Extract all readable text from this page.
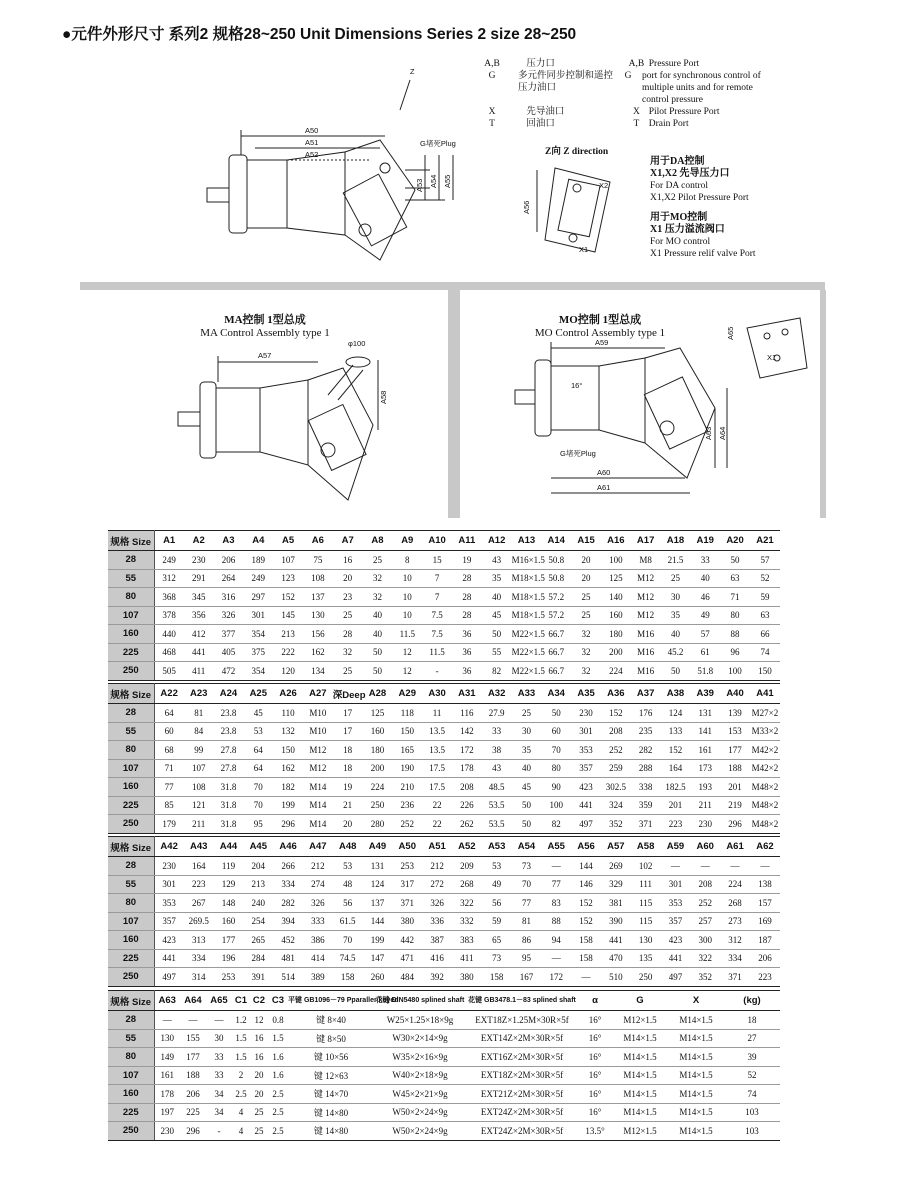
●元件外形尺寸 系列2 规格28~250 Unit Dimensions Series 2 size 28~250
A,B	压力口	A,B Pressure Port
G	多元件同步控制和遥控压力油口
G	port for synchronous control of multiple units and for remote control pressure
X	先导油口	X Pilot Pressure Port
T	回油口	T Drain Port
Z向 Z direction
用于DA控制
X1,X2 先导压力口
For DA control
X1,X2 Pilot Pressure Port
用于MO控制
X1 压力溢流阀口
For MO control
X1 Pressure relif valve Port
A50
A51
A52
A53 A54 A55
Z
G堵死Plug
A56
X2
X1
MA控制 1型总成
MA Control Assembly type 1
MO控制 1型总成
MO Control Assembly type 1
A57
A58
φ100	A59
A60
A61
A63 A64
A65
G堵死Plug
X1
16°
规格 Size	A1	A2	A3	A4	A5	A6	A7	A8	A9	A10	A11	A12	A13	A14	A15	A16	A17	A18	A19	A20	A21
28	249	230	206	189	107	75	16	25	8	15	19	43	M16×1.5	50.8	20	100	M8	21.5	33	50	57
55	312	291	264	249	123	108	20	32	10	7	28	35	M18×1.5	50.8	20	125	M12	25	40	63	52
80	368	345	316	297	152	137	23	32	10	7	28	40	M18×1.5	57.2	25	140	M12	30	46	71	59
107	378	356	326	301	145	130	25	40	10	7.5	28	45	M18×1.5	57.2	25	160	M12	35	49	80	63
160	440	412	377	354	213	156	28	40	11.5	7.5	36	50	M22×1.5	66.7	32	180	M16	40	57	88	66
225	468	441	405	375	222	162	32	50	12	11.5	36	55	M22×1.5	66.7	32	200	M16	45.2	61	96	74
250	505	411	472	354	120	134	25	50	12	-	36	82	M22×1.5	66.7	32	224	M16	50	51.8	100	150
规格 Size	A22	A23	A24	A25	A26	A27	深Deep	A28	A29	A30	A31	A32	A33	A34	A35	A36	A37	A38	A39	A40	A41
28	64	81	23.8	45	110	M10	17	125	118	11	116	27.9	25	50	230	152	176	124	131	139	M27×2
55	60	84	23.8	53	132	M10	17	160	150	13.5	142	33	30	60	301	208	235	133	141	153	M33×2
80	68	99	27.8	64	150	M12	18	180	165	13.5	172	38	35	70	353	252	282	152	161	177	M42×2
107	71	107	27.8	64	162	M12	18	200	190	17.5	178	43	40	80	357	259	288	164	173	188	M42×2
160	77	108	31.8	70	182	M14	19	224	210	17.5	208	48.5	45	90	423	302.5	338	182.5	193	201	M48×2
225	85	121	31.8	70	199	M14	21	250	236	22	226	53.5	50	100	441	324	359	201	211	219	M48×2
250	179	211	31.8	95	296	M14	20	280	252	22	262	53.5	50	82	497	352	371	223	230	296	M48×2
规格 Size	A42	A43	A44	A45	A46	A47	A48	A49	A50	A51	A52	A53	A54	A55	A56	A57	A58	A59	A60	A61	A62
28	230	164	119	204	266	212	53	131	253	212	209	53	73	—	144	269	102	—	—	—	—
55	301	223	129	213	334	274	48	124	317	272	268	49	70	77	146	329	111	301	208	224	138
80	353	267	148	240	282	326	56	137	371	326	322	56	77	83	152	381	115	353	252	268	157
107	357	269.5	160	254	394	333	61.5	144	380	336	332	59	81	88	152	390	115	357	257	273	169
160	423	313	177	265	452	386	70	199	442	387	383	65	86	94	158	441	130	423	300	312	187
225	441	334	196	284	481	414	74.5	147	471	416	411	73	95	—	158	470	135	441	322	334	206
250	497	314	253	391	514	389	158	260	484	392	380	158	167	172	—	510	250	497	352	371	223
规格 Size	A63	A64	A65	C1	C2	C3	平键 GB1096－79 Pparaller keyed	花键 DIN5480 splined shaft	花键 GB3478.1－83 splined shaft	α	G	X	(kg)
28	—	—	—	1.2	12	0.8	键 8×40	W25×1.25×18×9g	EXT18Z×1.25M×30R×5f	16°	M12×1.5	M14×1.5	18
55	130	155	30	1.5	16	1.5	键 8×50	W30×2×14×9g	EXT14Z×2M×30R×5f	16°	M14×1.5	M14×1.5	27
80	149	177	33	1.5	16	1.6	键 10×56	W35×2×16×9g	EXT16Z×2M×30R×5f	16°	M14×1.5	M14×1.5	39
107	161	188	33	2	20	1.6	键 12×63	W40×2×18×9g	EXT18Z×2M×30R×5f	16°	M14×1.5	M14×1.5	52
160	178	206	34	2.5	20	2.5	键 14×70	W45×2×21×9g	EXT21Z×2M×30R×5f	16°	M14×1.5	M14×1.5	74
225	197	225	34	4	25	2.5	键 14×80	W50×2×24×9g	EXT24Z×2M×30R×5f	16°	M14×1.5	M14×1.5	103
250	230	296	-	4	25	2.5	键 14×80	W50×2×24×9g	EXT24Z×2M×30R×5f	13.5°	M12×1.5	M14×1.5	103
